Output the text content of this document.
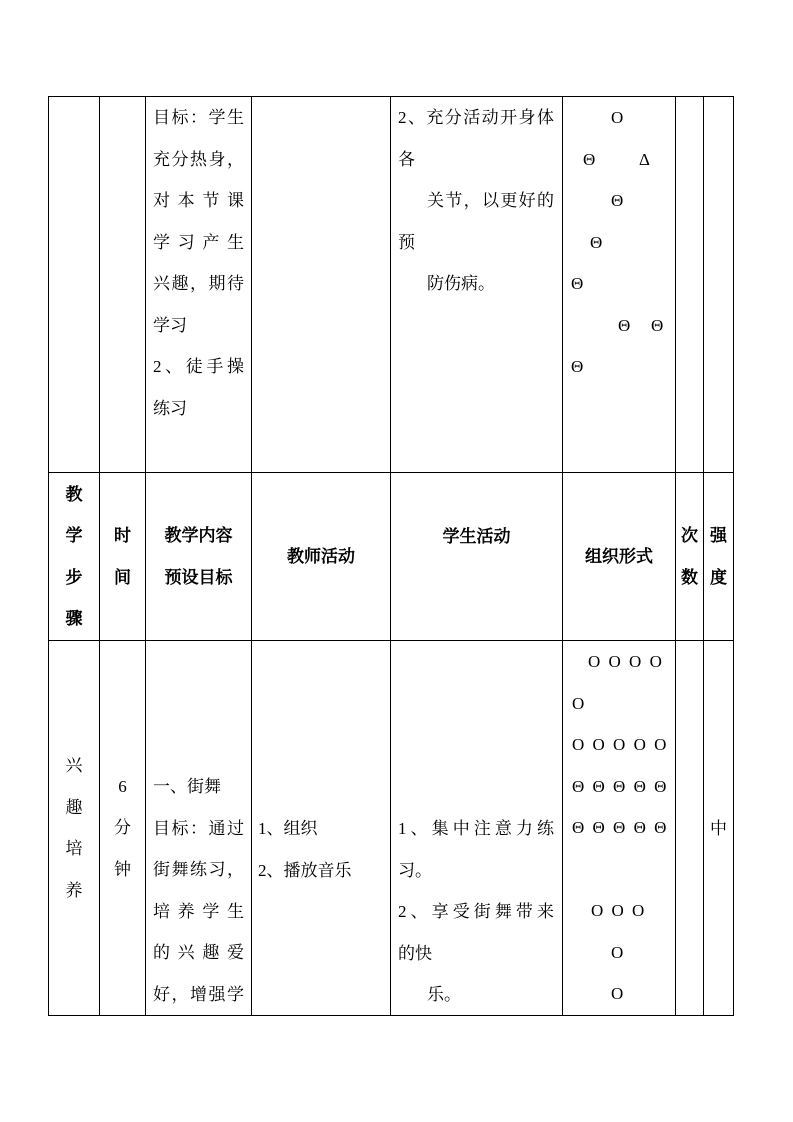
目标：学生
充分热身，
对本节课
学习产生
兴趣，期待
学习
2、徒手操
练习
2、充分活动开身体
各
关节，以更好的
预
防伤病。
O
Θ	Δ
Θ
Θ
Θ
Θ Θ
Θ
教
学
步
骤
时
间
教学内容
预设目标
教师活动
学生活动
组织形式
次
数
强
度
兴
趣
培
养
6
分
钟
一、街舞
目标：通过
街舞练习，
培养学生
的兴趣爱
好，增强学
1、组织
2、播放音乐
1、集中注意力练
习。
2、享受街舞带来
的快
乐。
O O O O
O
O O O O O
Θ Θ Θ Θ Θ
Θ Θ Θ Θ Θ
O O O
O
O
中
